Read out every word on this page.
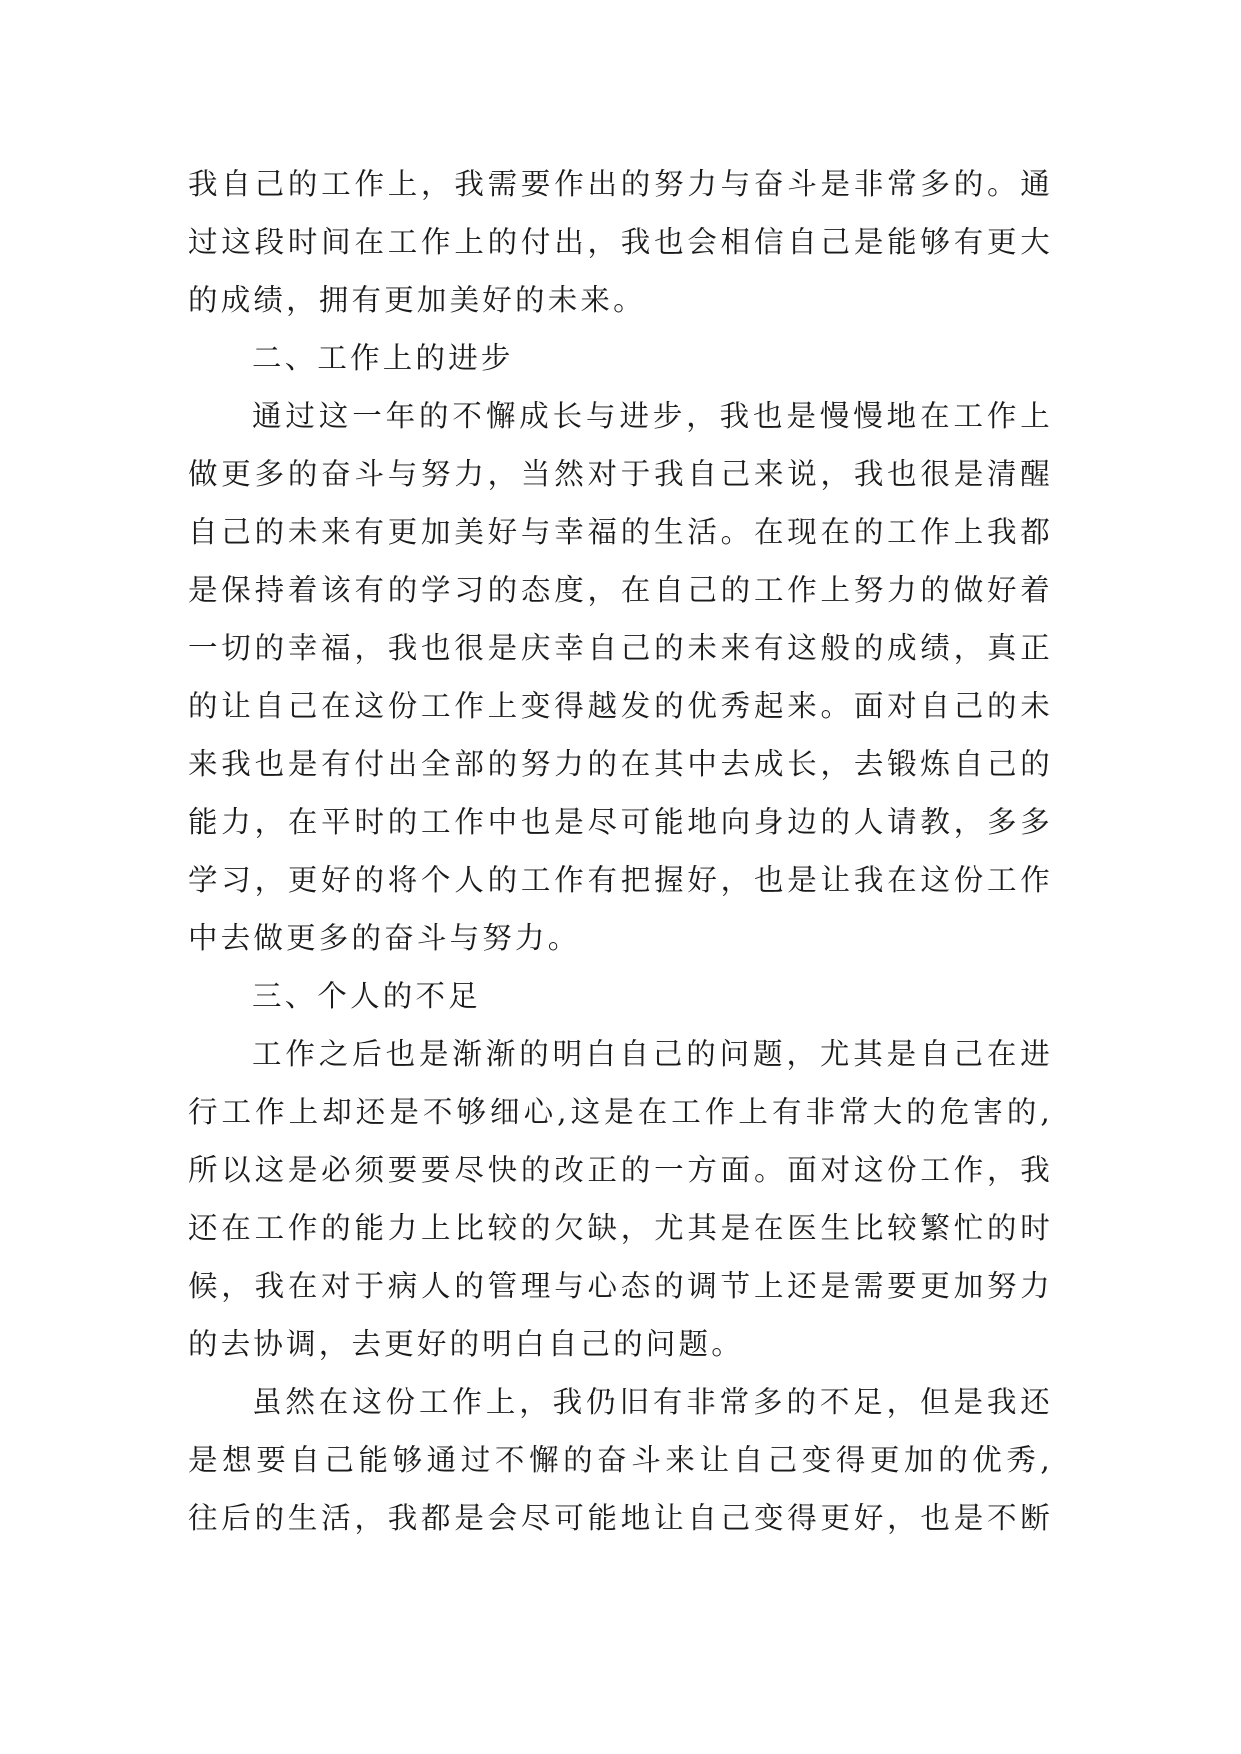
我自己的工作上，我需要作出的努力与奋斗是非常多的。通
过这段时间在工作上的付出，我也会相信自己是能够有更大
的成绩，拥有更加美好的未来。
二、工作上的进步
通过这一年的不懈成长与进步，我也是慢慢地在工作上
做更多的奋斗与努力，当然对于我自己来说，我也很是清醒
自己的未来有更加美好与幸福的生活。在现在的工作上我都
是保持着该有的学习的态度，在自己的工作上努力的做好着
一切的幸福，我也很是庆幸自己的未来有这般的成绩，真正
的让自己在这份工作上变得越发的优秀起来。面对自己的未
来我也是有付出全部的努力的在其中去成长，去锻炼自己的
能力，在平时的工作中也是尽可能地向身边的人请教，多多
学习，更好的将个人的工作有把握好，也是让我在这份工作
中去做更多的奋斗与努力。
三、个人的不足
工作之后也是渐渐的明白自己的问题，尤其是自己在进
行工作上却还是不够细心,这是在工作上有非常大的危害的,
所以这是必须要要尽快的改正的一方面。面对这份工作，我
还在工作的能力上比较的欠缺，尤其是在医生比较繁忙的时
候，我在对于病人的管理与心态的调节上还是需要更加努力
的去协调，去更好的明白自己的问题。
虽然在这份工作上，我仍旧有非常多的不足，但是我还
是想要自己能够通过不懈的奋斗来让自己变得更加的优秀,
往后的生活，我都是会尽可能地让自己变得更好，也是不断
